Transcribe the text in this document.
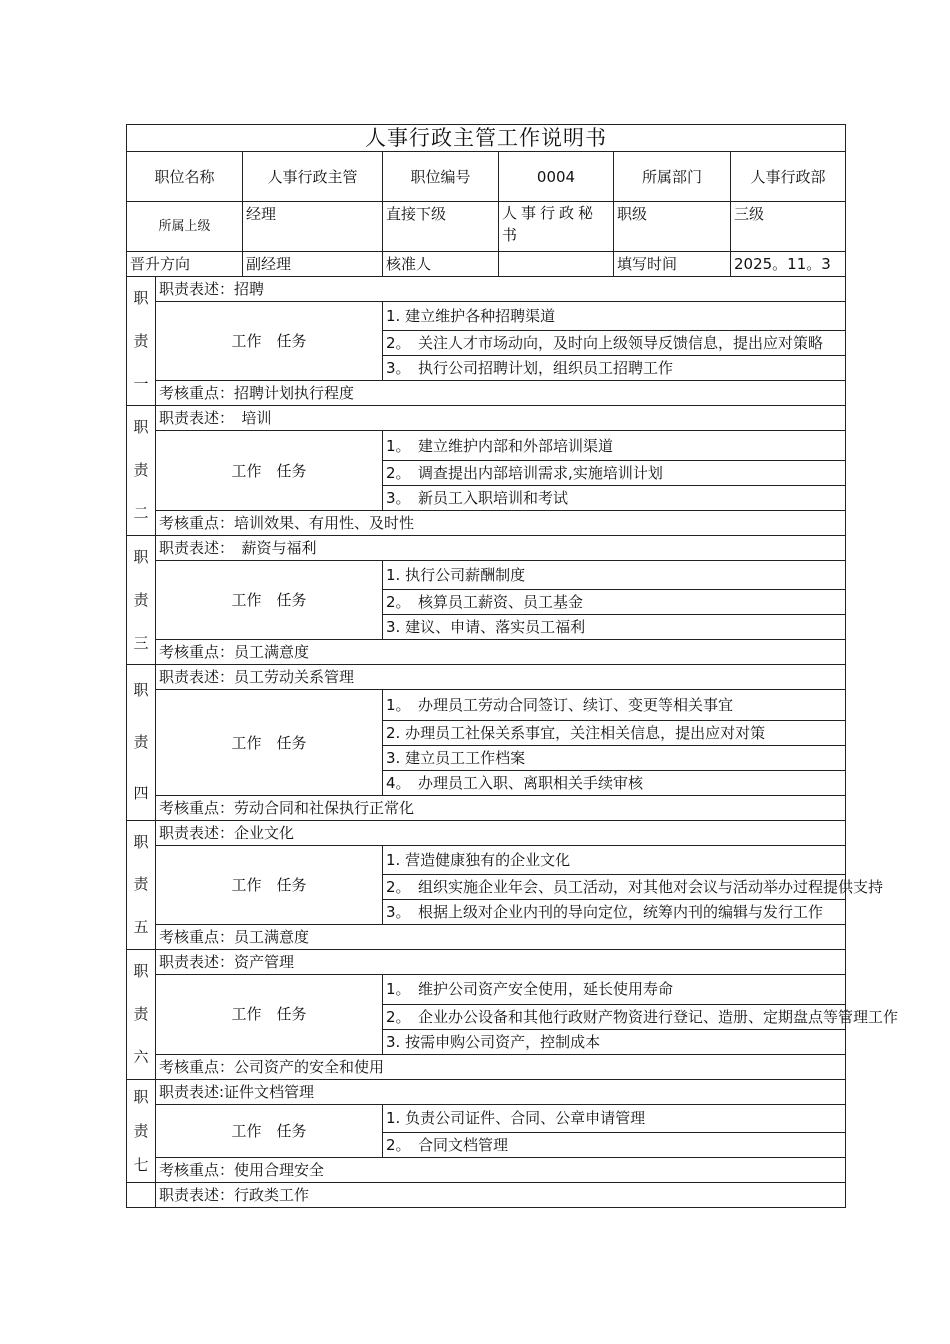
人事行政主管工作说明书						
职位名称		人事行政主管	职位编号	0004	所属部门	人事行政部
所属上级		经理	直接下级	人事行政秘书	职级	三级
晋升方向		副经理	核准人		填写时间	2025。11。3

职
责
一	职责表述：招聘					
	工作　任务		1. 建立维护各种招聘渠道			
			2。　关注人才市场动向，及时向上级领导反馈信息，提出应对策略			
			3。　执行公司招聘计划，组织员工招聘工作			
	考核重点：招聘计划执行程度					

职
责
二	职责表述：　培训					
	工作　任务		1。　建立维护内部和外部培训渠道			
			2。　调查提出内部培训需求,实施培训计划			
			3。　新员工入职培训和考试			
	考核重点：培训效果、有用性、及时性					

职
责
三	职责表述：　薪资与福利					
	工作　任务		1. 执行公司薪酬制度			
			2。　核算员工薪资、员工基金			
			3. 建议、申请、落实员工福利			
	考核重点：员工满意度					

职
责
四	职责表述：员工劳动关系管理					
	工作　任务		1。　办理员工劳动合同签订、续订、变更等相关事宜			
			2. 办理员工社保关系事宜，关注相关信息，提出应对对策			
			3. 建立员工工作档案			
			4。　办理员工入职、离职相关手续审核			
	考核重点：劳动合同和社保执行正常化					

职
责
五	职责表述：企业文化					
	工作　任务		1. 营造健康独有的企业文化			
			2。　组织实施企业年会、员工活动，对其他对会议与活动举办过程提供支持			
			3。　根据上级对企业内刊的导向定位，统筹内刊的编辑与发行工作			
	考核重点：员工满意度					

职
责
六	职责表述：资产管理					
	工作　任务		1。　维护公司资产安全使用，延长使用寿命			
			2。　企业办公设备和其他行政财产物资进行登记、造册、定期盘点等管理工作			
			3. 按需申购公司资产，控制成本			
	考核重点：公司资产的安全和使用					

职
责
七	职责表述:证件文档管理					
	工作　任务		1. 负责公司证件、合同、公章申请管理			
			2。　合同文档管理			
	考核重点：使用合理安全					
	职责表述：行政类工作					
